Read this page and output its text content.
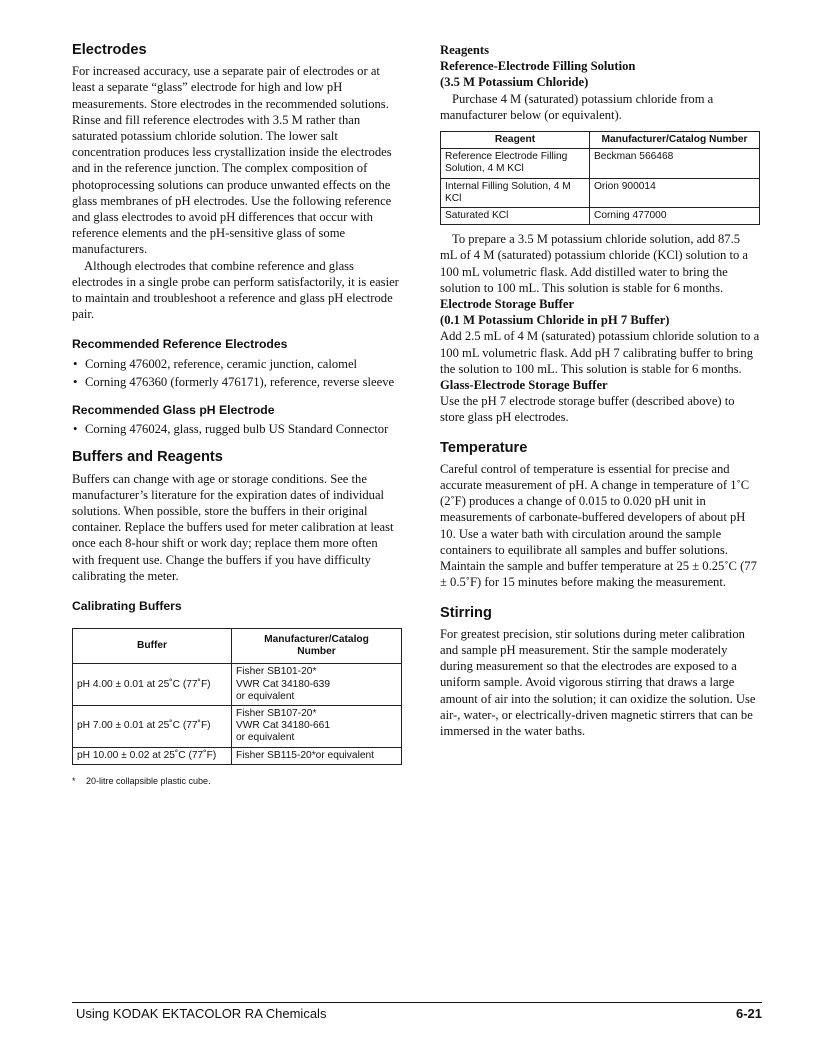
Electrodes

For increased accuracy, use a separate pair of electrodes or at least a separate “glass” electrode for high and low pH measurements. Store electrodes in the recommended solutions. Rinse and fill reference electrodes with 3.5 M rather than saturated potassium chloride solution. The lower salt concentration produces less crystallization inside the electrodes and in the reference junction. The complex composition of photoprocessing solutions can produce unwanted effects on the glass membranes of pH electrodes. Use the following reference and glass electrodes to avoid pH differences that occur with reference elements and the pH-sensitive glass of some manufacturers.

Although electrodes that combine reference and glass electrodes in a single probe can perform satisfactorily, it is easier to maintain and troubleshoot a reference and glass pH electrode pair.

Recommended Reference Electrodes
• Corning 476002, reference, ceramic junction, calomel
• Corning 476360 (formerly 476171), reference, reverse sleeve
Recommended Glass pH Electrode
• Corning 476024, glass, rugged bulb US Standard Connector
Buffers and Reagents

Buffers can change with age or storage conditions. See the manufacturer’s literature for the expiration dates of individual solutions. When possible, store the buffers in their original container. Replace the buffers used for meter calibration at least once each 8-hour shift or work day; replace them more often with frequent use. Change the buffers if you have difficulty calibrating the meter.

Calibrating Buffers
Buffer	Manufacturer/Catalog Number
pH 4.00 ± 0.01 at 25˚C (77˚F)	Fisher SB101-20*
VWR Cat 34180-639
or equivalent

pH 7.00 ± 0.01 at 25˚C (77˚F)	Fisher SB107-20*
VWR Cat 34180-661
or equivalent

pH 10.00 ± 0.02 at 25˚C (77˚F)	Fisher SB115-20*or equivalent
* 20-litre collapsible plastic cube.
Reagents
Reference-Electrode Filling Solution
(3.5 M Potassium Chloride)

Purchase 4 M (saturated) potassium chloride from a manufacturer below (or equivalent).

Reagent	Manufacturer/Catalog Number
Reference Electrode Filling Solution, 4 M KCl	Beckman 566468
Internal Filling Solution, 4 M KCl	Orion 900014
Saturated KCl	Corning 477000

To prepare a 3.5 M potassium chloride solution, add 87.5 mL of 4 M (saturated) potassium chloride (KCl) solution to a 100 mL volumetric flask. Add distilled water to bring the solution to 100 mL. This solution is stable for 6 months.

Electrode Storage Buffer
(0.1 M Potassium Chloride in pH 7 Buffer)

Add 2.5 mL of 4 M (saturated) potassium chloride solution to a 100 mL volumetric flask. Add pH 7 calibrating buffer to bring the solution to 100 mL. This solution is stable for 6 months.

Glass-Electrode Storage Buffer

Use the pH 7 electrode storage buffer (described above) to store glass pH electrodes.

Temperature

Careful control of temperature is essential for precise and accurate measurement of pH. A change in temperature of 1˚C (2˚F) produces a change of 0.015 to 0.020 pH unit in measurements of carbonate-buffered developers of about pH 10. Use a water bath with circulation around the sample containers to equilibrate all samples and buffer solutions. Maintain the sample and buffer temperature at 25 ± 0.25˚C (77 ± 0.5˚F) for 15 minutes before making the measurement.

Stirring

For greatest precision, stir solutions during meter calibration and sample pH measurement. Stir the sample moderately during measurement so that the electrodes are exposed to a uniform sample. Avoid vigorous stirring that draws a large amount of air into the solution; it can oxidize the solution. Use air-, water-, or electrically-driven magnetic stirrers that can be immersed in the water baths.

Using KODAK EKTACOLOR RA Chemicals	6-21
